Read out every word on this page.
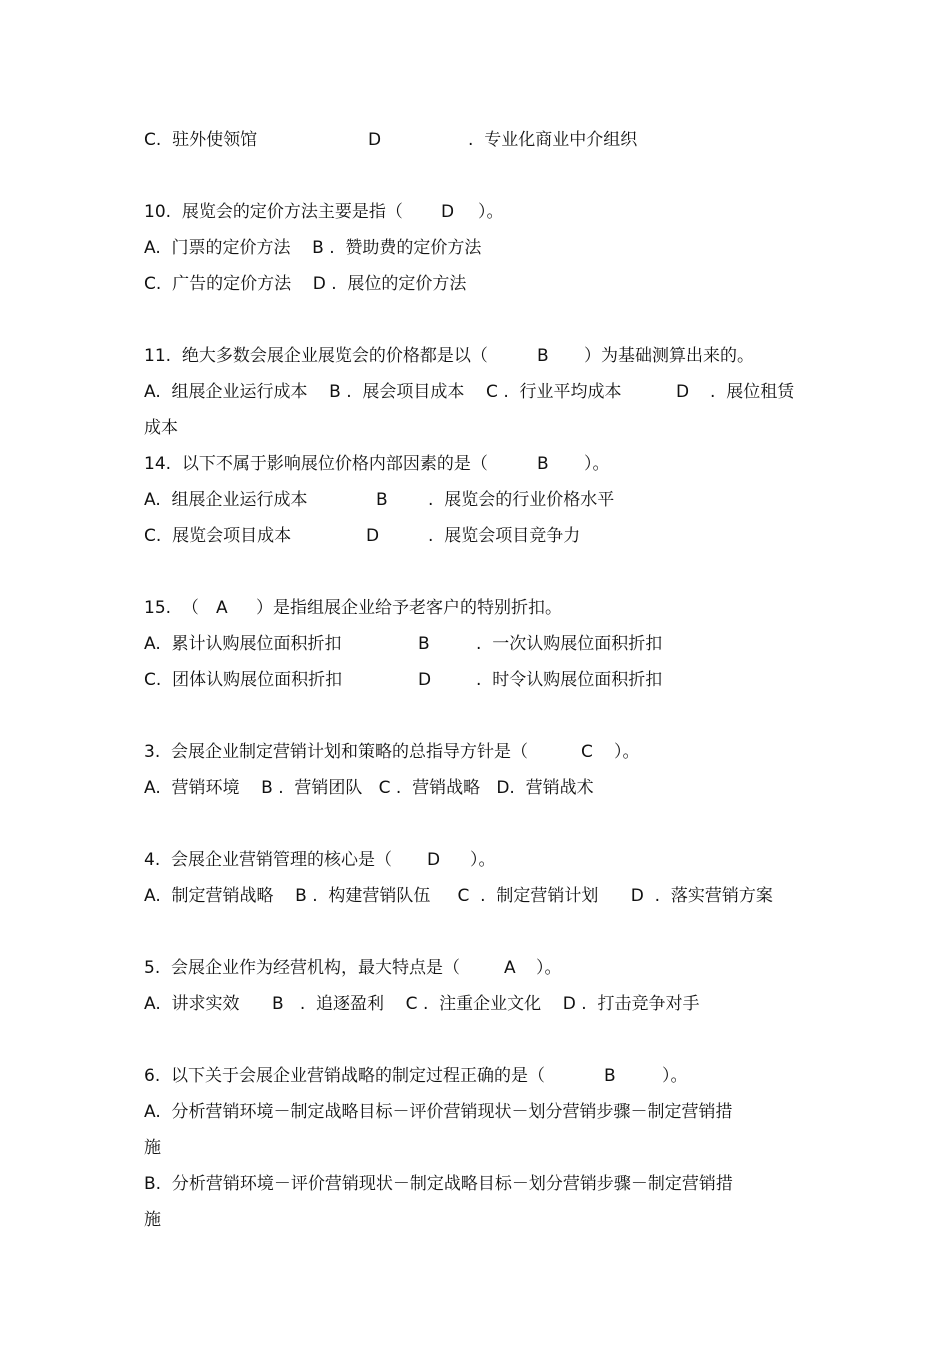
C.  驻外使领馆

	D

	.  专业化商业中介组织

10.  展览会的定价方法主要是指（

D

）。

A.  门票的定价方法    B .  赞助费的定价方法

C.  广告的定价方法    D .  展位的定价方法

11.  绝大多数会展企业展览会的价格都是以（

	B

）为基础测算出来的。

A.  组展企业运行成本    B .  展会项目成本    C .  行业平均成本

	D

.  展位租赁

成本

14.  以下不属于影响展位价格内部因素的是（

	B

）。

A.  组展企业运行成本

	B

.  展览会的行业价格水平

C.  展览会项目成本

	D

	.  展览会项目竞争力

15.  （

A

）是指组展企业给予老客户的特别折扣。

A.  累计认购展位面积折扣

	B

	.  一次认购展位面积折扣

C.  团体认购展位面积折扣

	D

	.  时令认购展位面积折扣

3.  会展企业制定营销计划和策略的总指导方针是（

	C

）。

A.  营销环境    B .  营销团队   C .  营销战略   D.  营销战术

4.  会展企业营销管理的核心是（

D

）。

A.  制定营销战略    B .  构建营销队伍     C  .  制定营销计划      D  .  落实营销方案

5.  会展企业作为经营机构，最大特点是（

	A

）。

A.  讲求实效      B   .  追逐盈利    C .  注重企业文化    D .  打击竞争对手

6.  以下关于会展企业营销战略的制定过程正确的是（

	B

	）。

A.  分析营销环境－制定战略目标－评价营销现状－划分营销步骤－制定营销措

施

B.  分析营销环境－评价营销现状－制定战略目标－划分营销步骤－制定营销措

施
